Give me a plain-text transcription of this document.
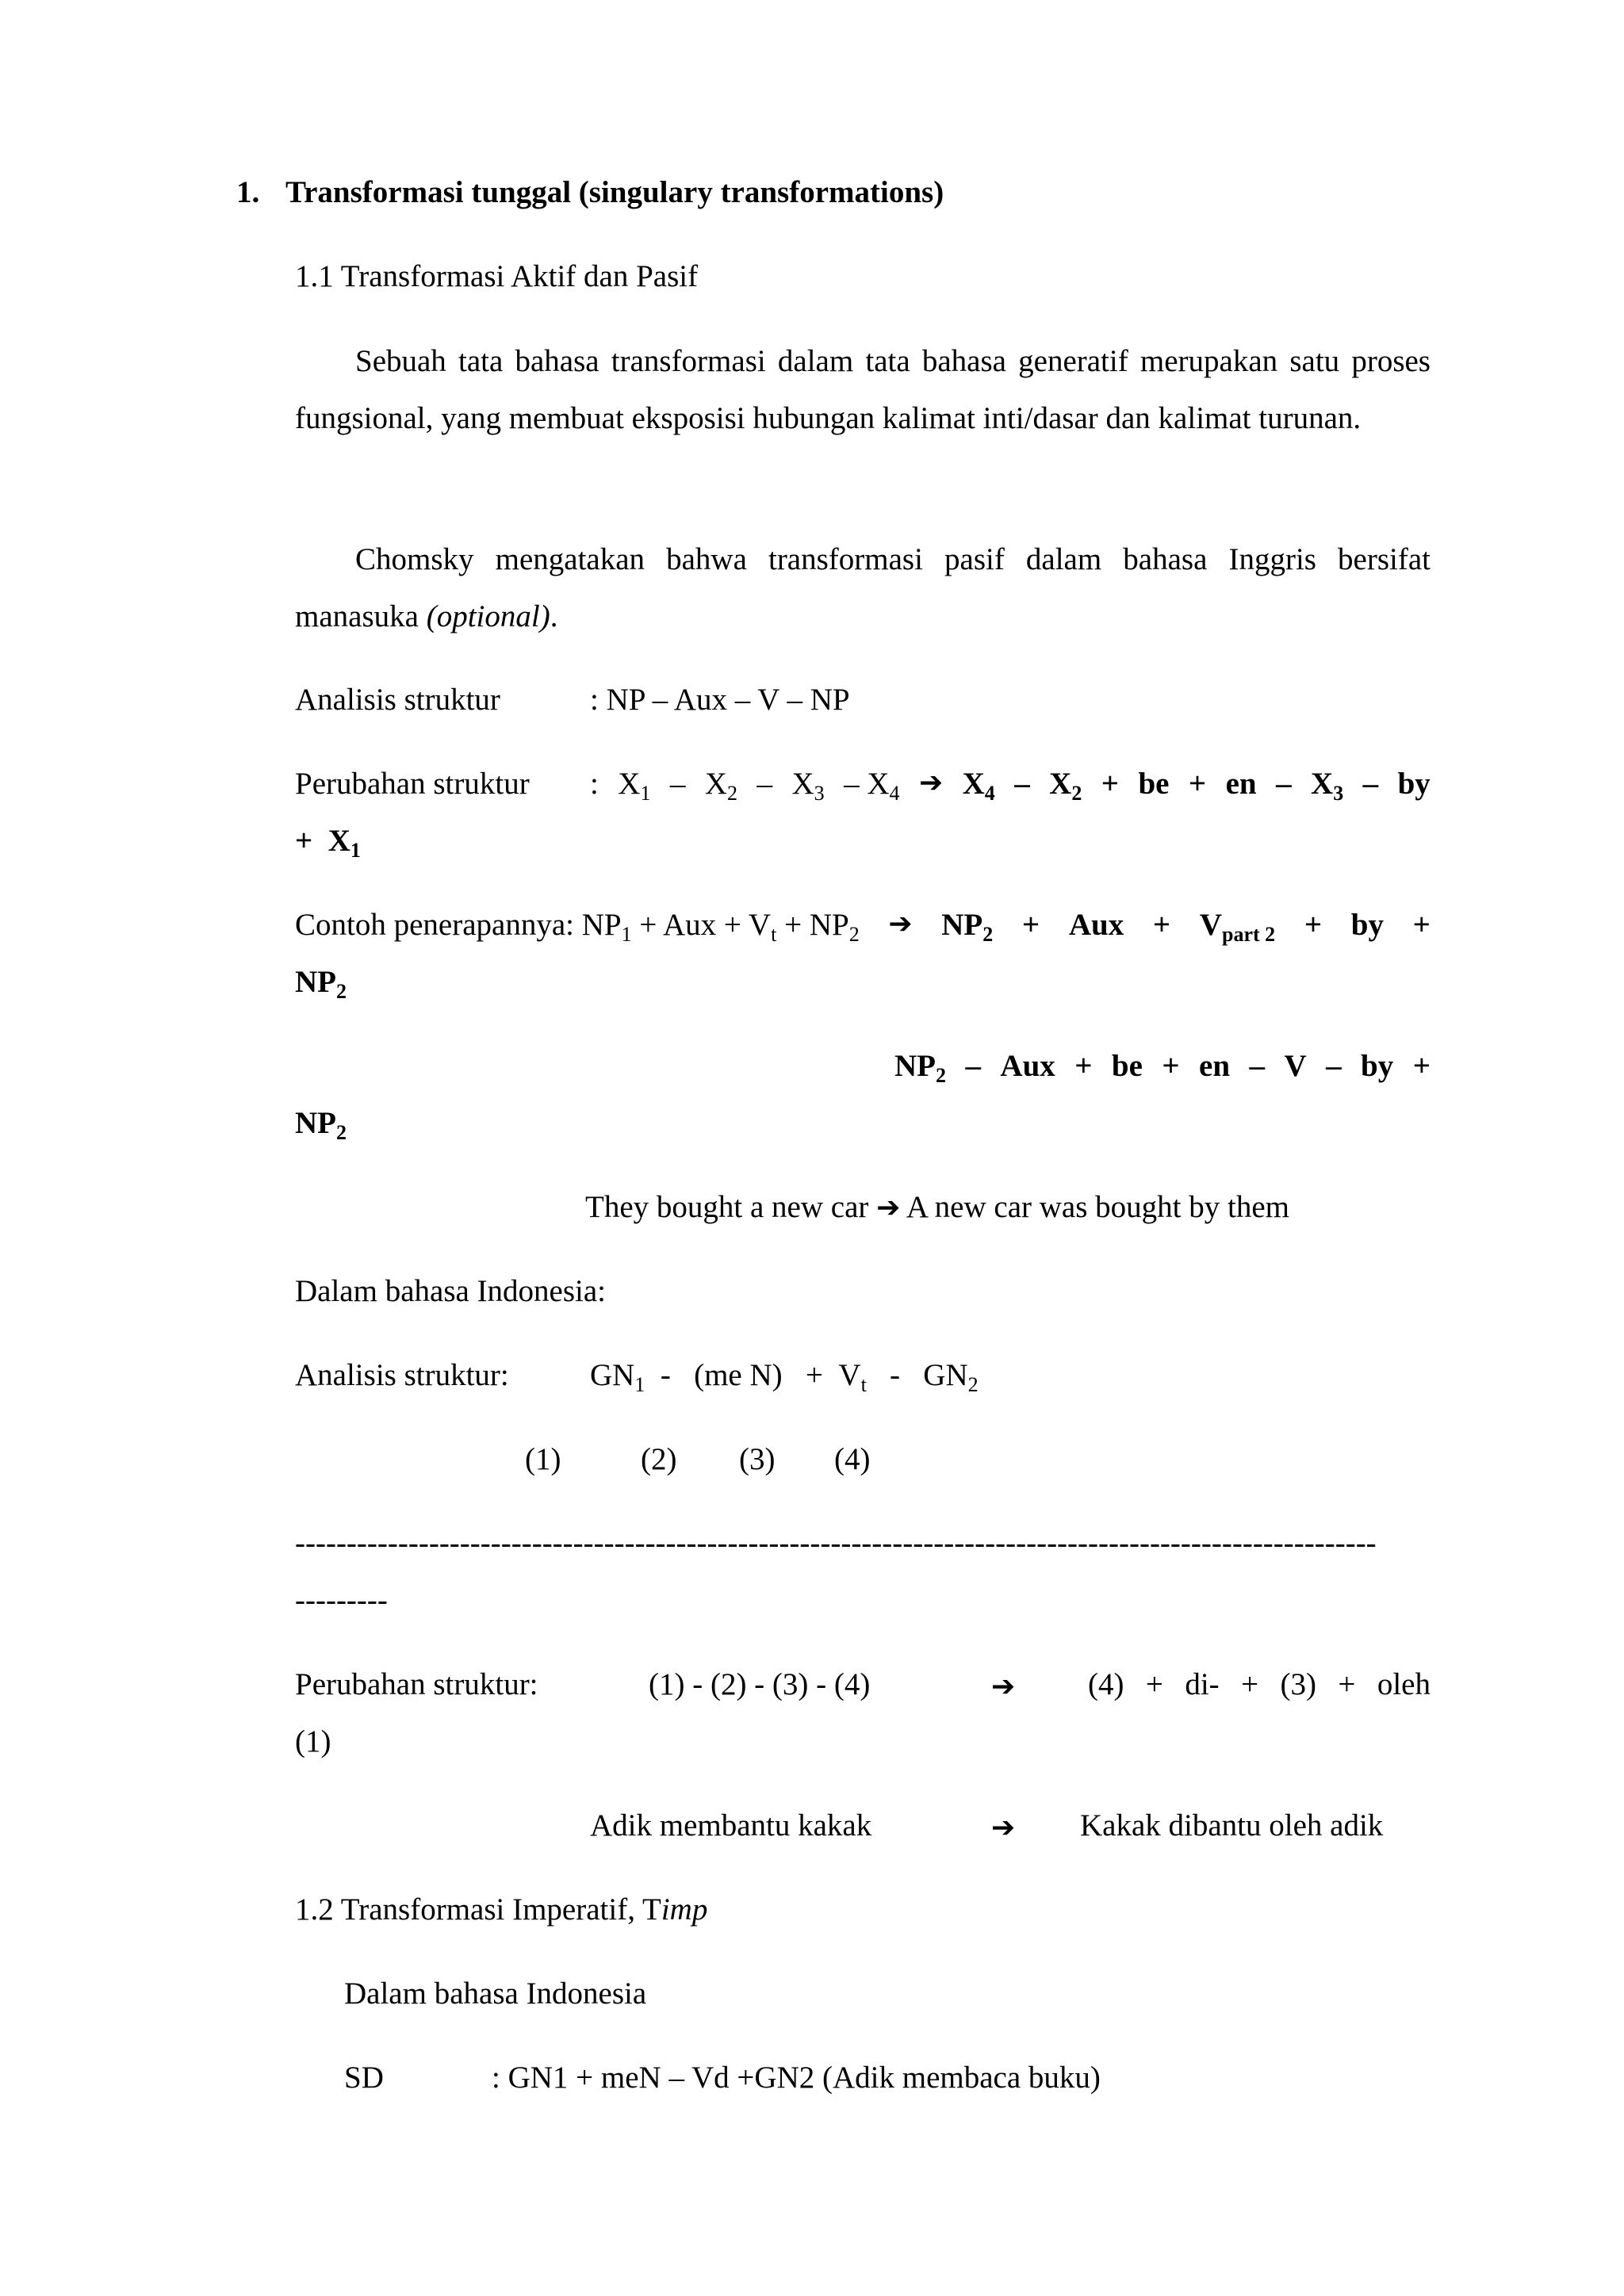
1. Transformasi tunggal (singulary transformations)
1.1 Transformasi Aktif dan Pasif

Sebuah tata bahasa transformasi dalam tata bahasa generatif merupakan satu proses fungsional, yang membuat eksposisi hubungan kalimat inti/dasar dan kalimat turunan.

Chomsky mengatakan bahwa transformasi pasif dalam bahasa Inggris bersifat manasuka (optional).

Analisis struktur	: NP – Aux – V – NP
Perubahan struktur : $X_1 - X_2 - X_3 - X_4$ ➔ $X_4 - X_2$ + be + en – $X_3$ – by
+ $X_1$
Contoh penerapannya: $NP_1$ + Aux + $V_t + NP_2$ ➔ $NP_2$ + Aux + $V_{part 2}$ + by +
$NP_2$
$NP_2$ – Aux + be + en – V – by +
$NP_2$
They bought a new car ➔ A new car was bought by them
Dalam bahasa Indonesia:
Analisis struktur:	$GN_1 - (me$ $N) + V_t - GN_2$
(1)	(2) (3) (4)
---------------------------------------------------------------------------------------------------------
---------
Perubahan struktur:	(1) - (2) - (3) - (4)	➔ (4) + di- + (3) + oleh
(1)
Adik membantu kakak	➔ Kakak dibantu oleh adik
1.2 Transformasi Imperatif, Timp
Dalam bahasa Indonesia
SD	: GN1 + meN – Vd +GN2 (Adik membaca buku)
